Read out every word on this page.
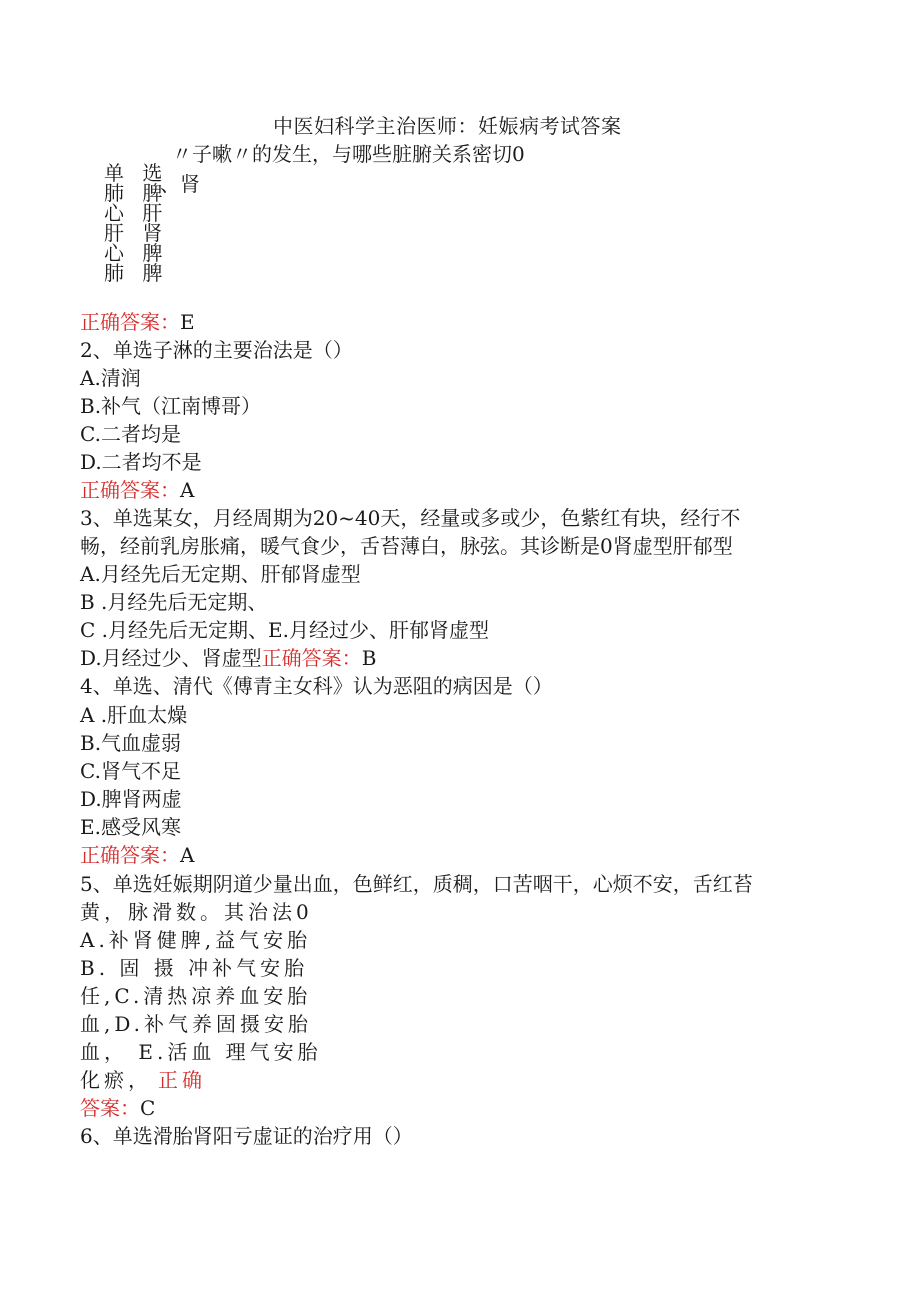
中医妇科学主治医师：妊娠病考试答案
〃子嗽〃的发生，与哪些脏腑关系密切0
单 选
肺 脾
、肾
心 肝
肝 肾
心 脾
肺 脾
正确答案：E
2、单选子淋的主要治法是（）
A.清润
B.补气（江南博哥）
C.二者均是
D.二者均不是
正确答案：A
3、单选某女，月经周期为20~40天，经量或多或少，色紫红有块，经行不
畅，经前乳房胀痛，暖气食少，舌苔薄白，脉弦。其诊断是0肾虚型肝郁型
A.月经先后无定期、肝郁肾虚型
B .月经先后无定期、
C .月经先后无定期、E.月经过少、肝郁肾虚型
D.月经过少、肾虚型正确答案：B
4、单选、清代《傅青主女科》认为恶阻的病因是（）
A .肝血太燥
B.气血虚弱
C.肾气不足
D.脾肾两虚
E.感受风寒
正确答案：A
5、单选妊娠期阴道少量出血，色鲜红，质稠，口苦咽干，心烦不安，舌红苔
黄，脉滑数。其治法0
A.补肾健脾,益气安胎
B. 固 摄 冲补气安胎
任,C.清热凉养血安胎
血,D.补气养固摄安胎
血， E.活血 理气安胎
化瘀， 正确
答案：C
6、单选滑胎肾阳亏虚证的治疗用（）
